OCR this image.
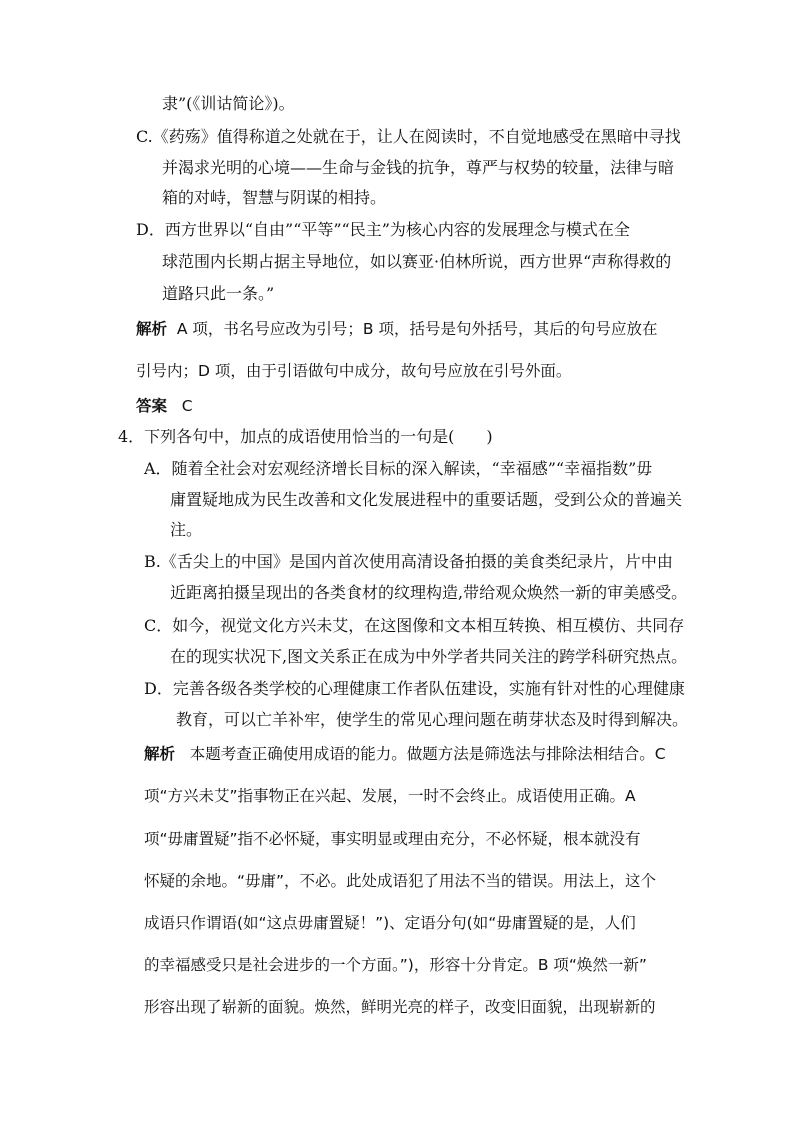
隶”(《训诂简论》)。
C.《药殇》值得称道之处就在于，让人在阅读时，不自觉地感受在黑暗中寻找
并渴求光明的心境——生命与金钱的抗争，尊严与权势的较量，法律与暗
箱的对峙，智慧与阴谋的相持。
D．西方世界以“自由”“平等”“民主”为核心内容的发展理念与模式在全
球范围内长期占据主导地位，如以赛亚·伯林所说，西方世界“声称得救的
道路只此一条。”
解析 A 项，书名号应改为引号；B 项，括号是句外括号，其后的句号应放在
引号内；D 项，由于引语做句中成分，故句号应放在引号外面。
答案 C
4．下列各句中，加点的成语使用恰当的一句是(　　)
A．随着全社会对宏观经济增长目标的深入解读，“幸福感”“幸福指数”毋
庸置疑地成为民生改善和文化发展进程中的重要话题，受到公众的普遍关
注。
B.《舌尖上的中国》是国内首次使用高清设备拍摄的美食类纪录片，片中由
近距离拍摄呈现出的各类食材的纹理构造,带给观众焕然一新的审美感受。
C．如今，视觉文化方兴未艾，在这图像和文本相互转换、相互模仿、共同存
在的现实状况下,图文关系正在成为中外学者共同关注的跨学科研究热点。
D．完善各级各类学校的心理健康工作者队伍建设，实施有针对性的心理健康
教育，可以亡羊补牢，使学生的常见心理问题在萌芽状态及时得到解决。
解析 本题考查正确使用成语的能力。做题方法是筛选法与排除法相结合。C
项“方兴未艾”指事物正在兴起、发展，一时不会终止。成语使用正确。A
项“毋庸置疑”指不必怀疑，事实明显或理由充分，不必怀疑，根本就没有
怀疑的余地。“毋庸”，不必。此处成语犯了用法不当的错误。用法上，这个
成语只作谓语(如“这点毋庸置疑！”)、定语分句(如“毋庸置疑的是，人们
的幸福感受只是社会进步的一个方面。”)，形容十分肯定。B 项“焕然一新”
形容出现了崭新的面貌。焕然，鲜明光亮的样子，改变旧面貌，出现崭新的
